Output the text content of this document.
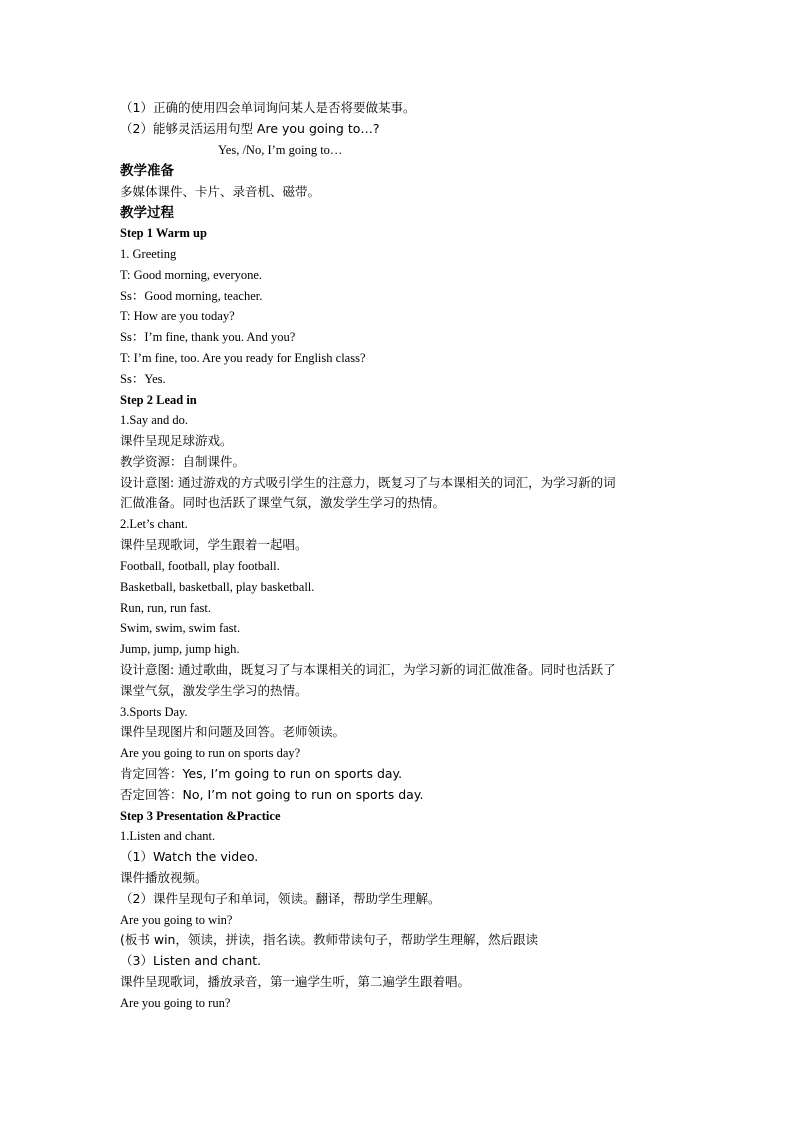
（1）正确的使用四会单词询问某人是否将要做某事。
（2）能够灵活运用句型 Are you going to…?
Yes, /No, I’m going to…
教学准备
多媒体课件、卡片、录音机、磁带。
教学过程
Step 1 Warm up
1. Greeting
T: Good morning, everyone.
Ss：Good morning, teacher.
T: How are you today?
Ss：I’m fine, thank you. And you?
T: I’m fine, too. Are you ready for English class?
Ss：Yes.
Step 2 Lead in
1.Say and do.
课件呈现足球游戏。
教学资源：自制课件。
设计意图: 通过游戏的方式吸引学生的注意力，既复习了与本课相关的词汇，为学习新的词
汇做准备。同时也活跃了课堂气氛，激发学生学习的热情。
2.Let’s chant.
课件呈现歌词，学生跟着一起唱。
Football, football, play football.
Basketball, basketball, play basketball.
Run, run, run fast.
Swim, swim, swim fast.
Jump, jump, jump high.
设计意图: 通过歌曲，既复习了与本课相关的词汇，为学习新的词汇做准备。同时也活跃了
课堂气氛，激发学生学习的热情。
3.Sports Day.
课件呈现图片和问题及回答。老师领读。
Are you going to run on sports day?
肯定回答：Yes, I’m going to run on sports day.
否定回答：No, I’m not going to run on sports day.
Step 3 Presentation &Practice
1.Listen and chant.
（1）Watch the video.
课件播放视频。
（2）课件呈现句子和单词，领读。翻译，帮助学生理解。
Are you going to win?
(板书 win，领读，拼读，指名读。教师带读句子，帮助学生理解，然后跟读
（3）Listen and chant.
课件呈现歌词，播放录音，第一遍学生听，第二遍学生跟着唱。
Are you going to run?
